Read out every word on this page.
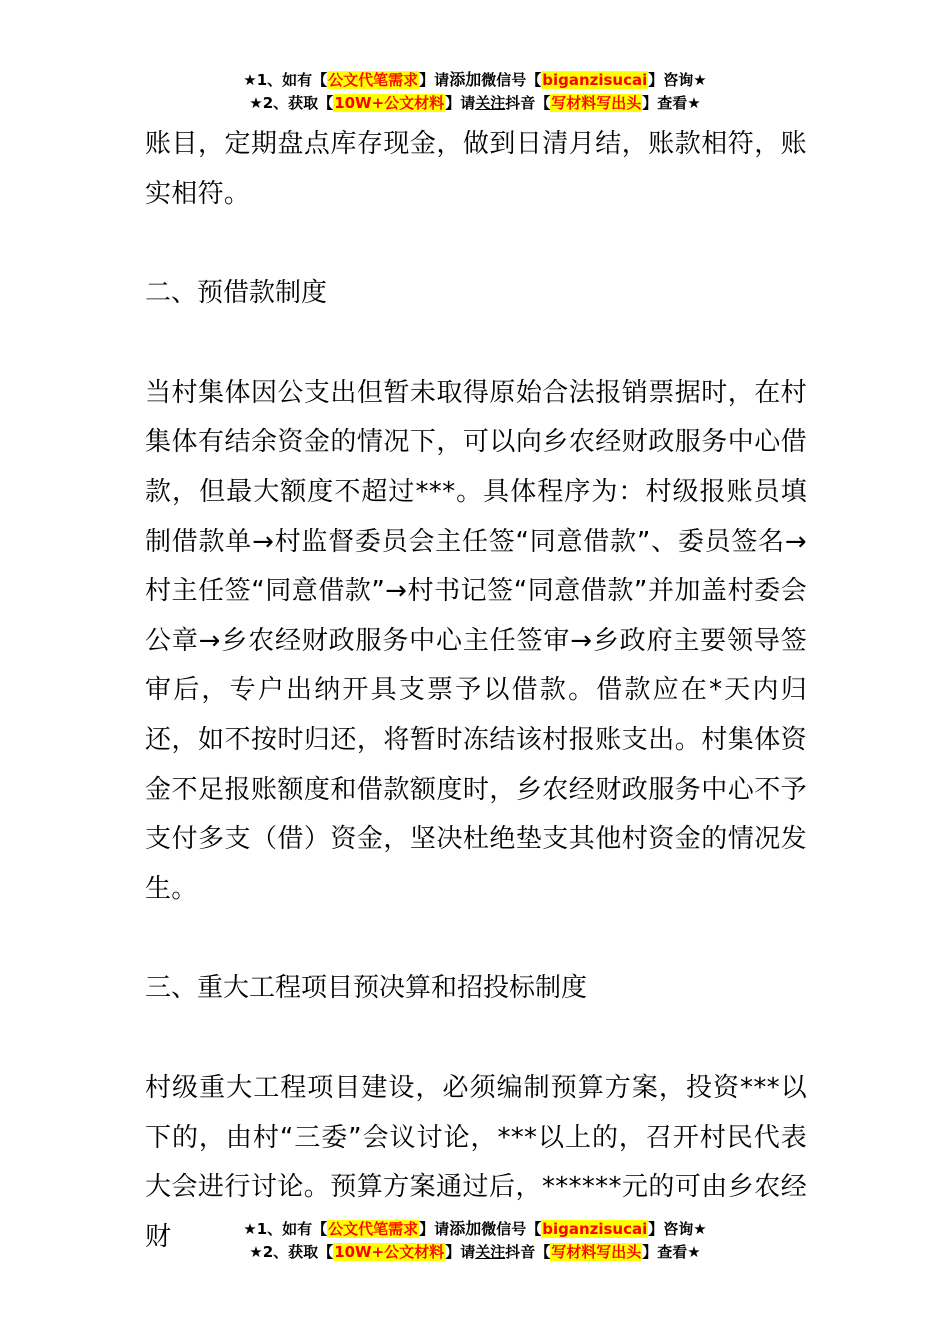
★1、如有【公文代笔需求】请添加微信号【biganzisucai】咨询★
★2、获取【10W+公文材料】请关注抖音【写材料写出头】查看★

账目，定期盘点库存现金，做到日清月结，账款相符，账实相符。

二、预借款制度

当村集体因公支出但暂未取得原始合法报销票据时，在村集体有结余资金的情况下，可以向乡农经财政服务中心借款，但最大额度不超过***。具体程序为：村级报账员填制借款单→村监督委员会主任签“同意借款”、委员签名→村主任签“同意借款”→村书记签“同意借款”并加盖村委会公章→乡农经财政服务中心主任签审→乡政府主要领导签审后，专户出纳开具支票予以借款。借款应在*天内归还，如不按时归还，将暂时冻结该村报账支出。村集体资金不足报账额度和借款额度时，乡农经财政服务中心不予支付多支（借）资金，坚决杜绝垫支其他村资金的情况发生。

三、重大工程项目预决算和招投标制度

村级重大工程项目建设，必须编制预算方案，投资***以下的，由村“三委”会议讨论，***以上的，召开村民代表大会进行讨论。预算方案通过后，******元的可由乡农经财	★1、如有【公文代笔需求】请添加微信号【biganzisucai】咨询★
★2、获取【10W+公文材料】请关注抖音【写材料写出头】查看★
